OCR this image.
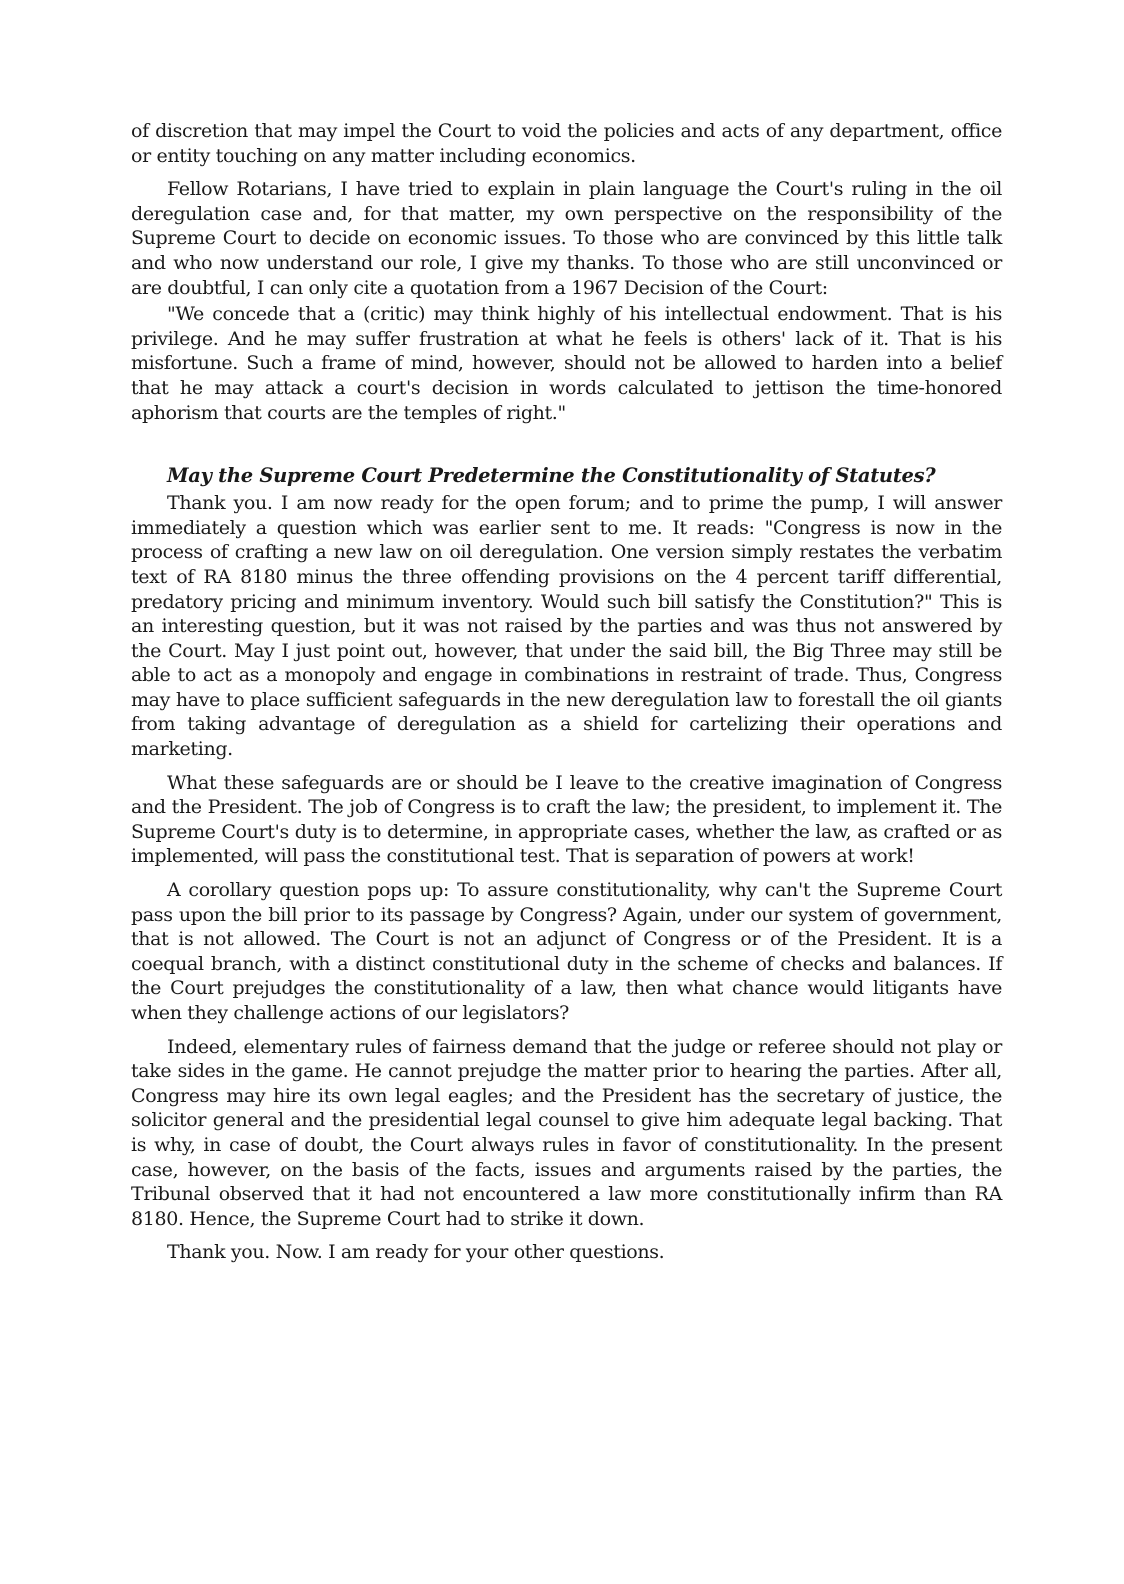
of discretion that may impel the Court to void the policies and acts of any department, office or entity touching on any matter including economics.

Fellow Rotarians, I have tried to explain in plain language the Court's ruling in the oil deregulation case and, for that matter, my own perspective on the responsibility of the Supreme Court to decide on economic issues. To those who are convinced by this little talk and who now understand our role, I give my thanks. To those who are still unconvinced or are doubtful, I can only cite a quotation from a 1967 Decision of the Court:

"We concede that a (critic) may think highly of his intellectual endowment. That is his privilege. And he may suffer frustration at what he feels is others' lack of it. That is his misfortune. Such a frame of mind, however, should not be allowed to harden into a belief that he may attack a court's decision in words calculated to jettison the time-honored aphorism that courts are the temples of right."

May the Supreme Court Predetermine the Constitutionality of Statutes?

Thank you. I am now ready for the open forum; and to prime the pump, I will answer immediately a question which was earlier sent to me. It reads: "Congress is now in the process of crafting a new law on oil deregulation. One version simply restates the verbatim text of RA 8180 minus the three offending provisions on the 4 percent tariff differential, predatory pricing and minimum inventory. Would such bill satisfy the Constitution?" This is an interesting question, but it was not raised by the parties and was thus not answered by the Court. May I just point out, however, that under the said bill, the Big Three may still be able to act as a monopoly and engage in combinations in restraint of trade. Thus, Congress may have to place sufficient safeguards in the new deregulation law to forestall the oil giants from taking advantage of deregulation as a shield for cartelizing their operations and marketing.

What these safeguards are or should be I leave to the creative imagination of Congress and the President. The job of Congress is to craft the law; the president, to implement it. The Supreme Court's duty is to determine, in appropriate cases, whether the law, as crafted or as implemented, will pass the constitutional test. That is separation of powers at work!

A corollary question pops up: To assure constitutionality, why can't the Supreme Court pass upon the bill prior to its passage by Congress? Again, under our system of government, that is not allowed. The Court is not an adjunct of Congress or of the President. It is a coequal branch, with a distinct constitutional duty in the scheme of checks and balances. If the Court prejudges the constitutionality of a law, then what chance would litigants have when they challenge actions of our legislators?

Indeed, elementary rules of fairness demand that the judge or referee should not play or take sides in the game. He cannot prejudge the matter prior to hearing the parties. After all, Congress may hire its own legal eagles; and the President has the secretary of justice, the solicitor general and the presidential legal counsel to give him adequate legal backing. That is why, in case of doubt, the Court always rules in favor of constitutionality. In the present case, however, on the basis of the facts, issues and arguments raised by the parties, the Tribunal observed that it had not encountered a law more constitutionally infirm than RA 8180. Hence, the Supreme Court had to strike it down.

Thank you. Now. I am ready for your other questions.
